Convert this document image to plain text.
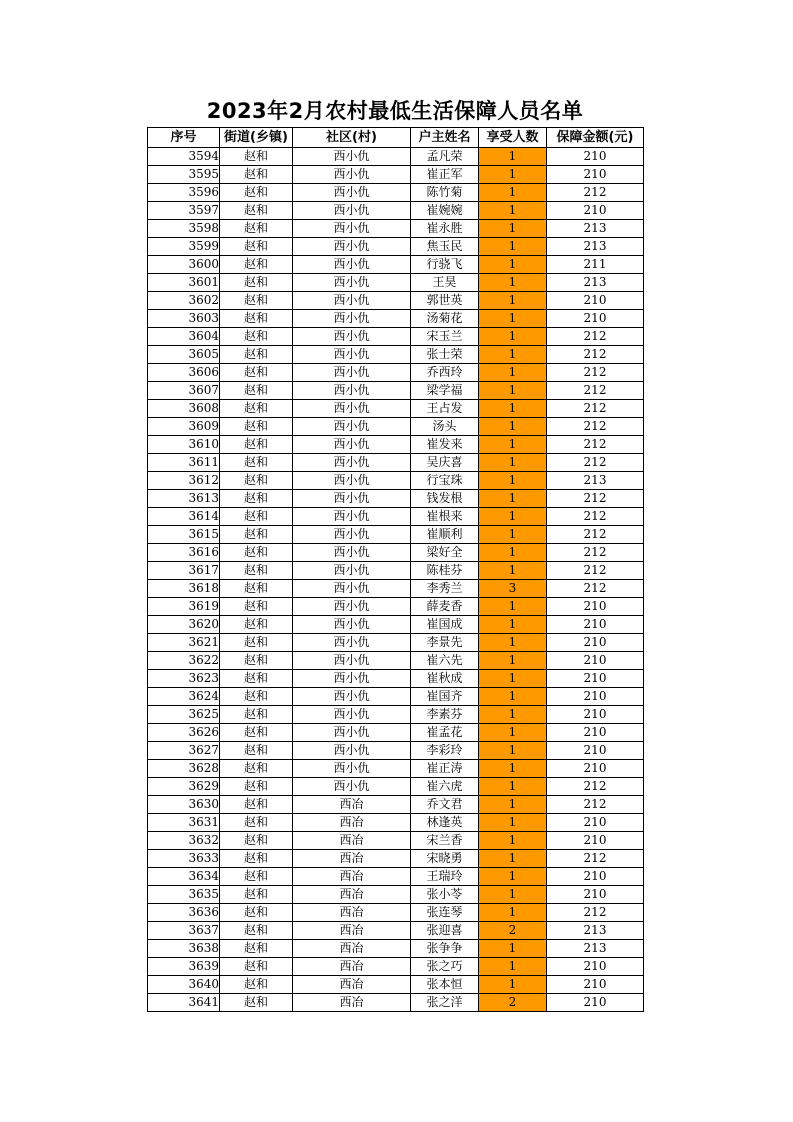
2023年2月农村最低生活保障人员名单
序号	街道(乡镇)	社区(村)	户主姓名	享受人数	保障金额(元)
3594	赵和	西小仇	孟凡荣	1	210
3595	赵和	西小仇	崔正军	1	210
3596	赵和	西小仇	陈竹菊	1	212
3597	赵和	西小仇	崔婉婉	1	210
3598	赵和	西小仇	崔永胜	1	213
3599	赵和	西小仇	焦玉民	1	213
3600	赵和	西小仇	行骁飞	1	211
3601	赵和	西小仇	王昊	1	213
3602	赵和	西小仇	郭世英	1	210
3603	赵和	西小仇	汤菊花	1	210
3604	赵和	西小仇	宋玉兰	1	212
3605	赵和	西小仇	张士荣	1	212
3606	赵和	西小仇	乔西玲	1	212
3607	赵和	西小仇	梁学福	1	212
3608	赵和	西小仇	王占发	1	212
3609	赵和	西小仇	汤头	1	212
3610	赵和	西小仇	崔发来	1	212
3611	赵和	西小仇	吴庆喜	1	212
3612	赵和	西小仇	行宝珠	1	213
3613	赵和	西小仇	钱发根	1	212
3614	赵和	西小仇	崔根来	1	212
3615	赵和	西小仇	崔顺利	1	212
3616	赵和	西小仇	梁好全	1	212
3617	赵和	西小仇	陈桂芬	1	212
3618	赵和	西小仇	李秀兰	3	212
3619	赵和	西小仇	薛麦香	1	210
3620	赵和	西小仇	崔国成	1	210
3621	赵和	西小仇	李景先	1	210
3622	赵和	西小仇	崔六先	1	210
3623	赵和	西小仇	崔秋成	1	210
3624	赵和	西小仇	崔国齐	1	210
3625	赵和	西小仇	李素芬	1	210
3626	赵和	西小仇	崔孟花	1	210
3627	赵和	西小仇	李彩玲	1	210
3628	赵和	西小仇	崔正涛	1	210
3629	赵和	西小仇	崔六虎	1	212
3630	赵和	西冶	乔文君	1	212
3631	赵和	西冶	林逢英	1	210
3632	赵和	西冶	宋兰香	1	210
3633	赵和	西冶	宋晓勇	1	212
3634	赵和	西冶	王瑞玲	1	210
3635	赵和	西冶	张小苓	1	210
3636	赵和	西冶	张连琴	1	212
3637	赵和	西冶	张迎喜	2	213
3638	赵和	西冶	张争争	1	213
3639	赵和	西冶	张之巧	1	210
3640	赵和	西冶	张本恒	1	210
3641	赵和	西冶	张之洋	2	210
